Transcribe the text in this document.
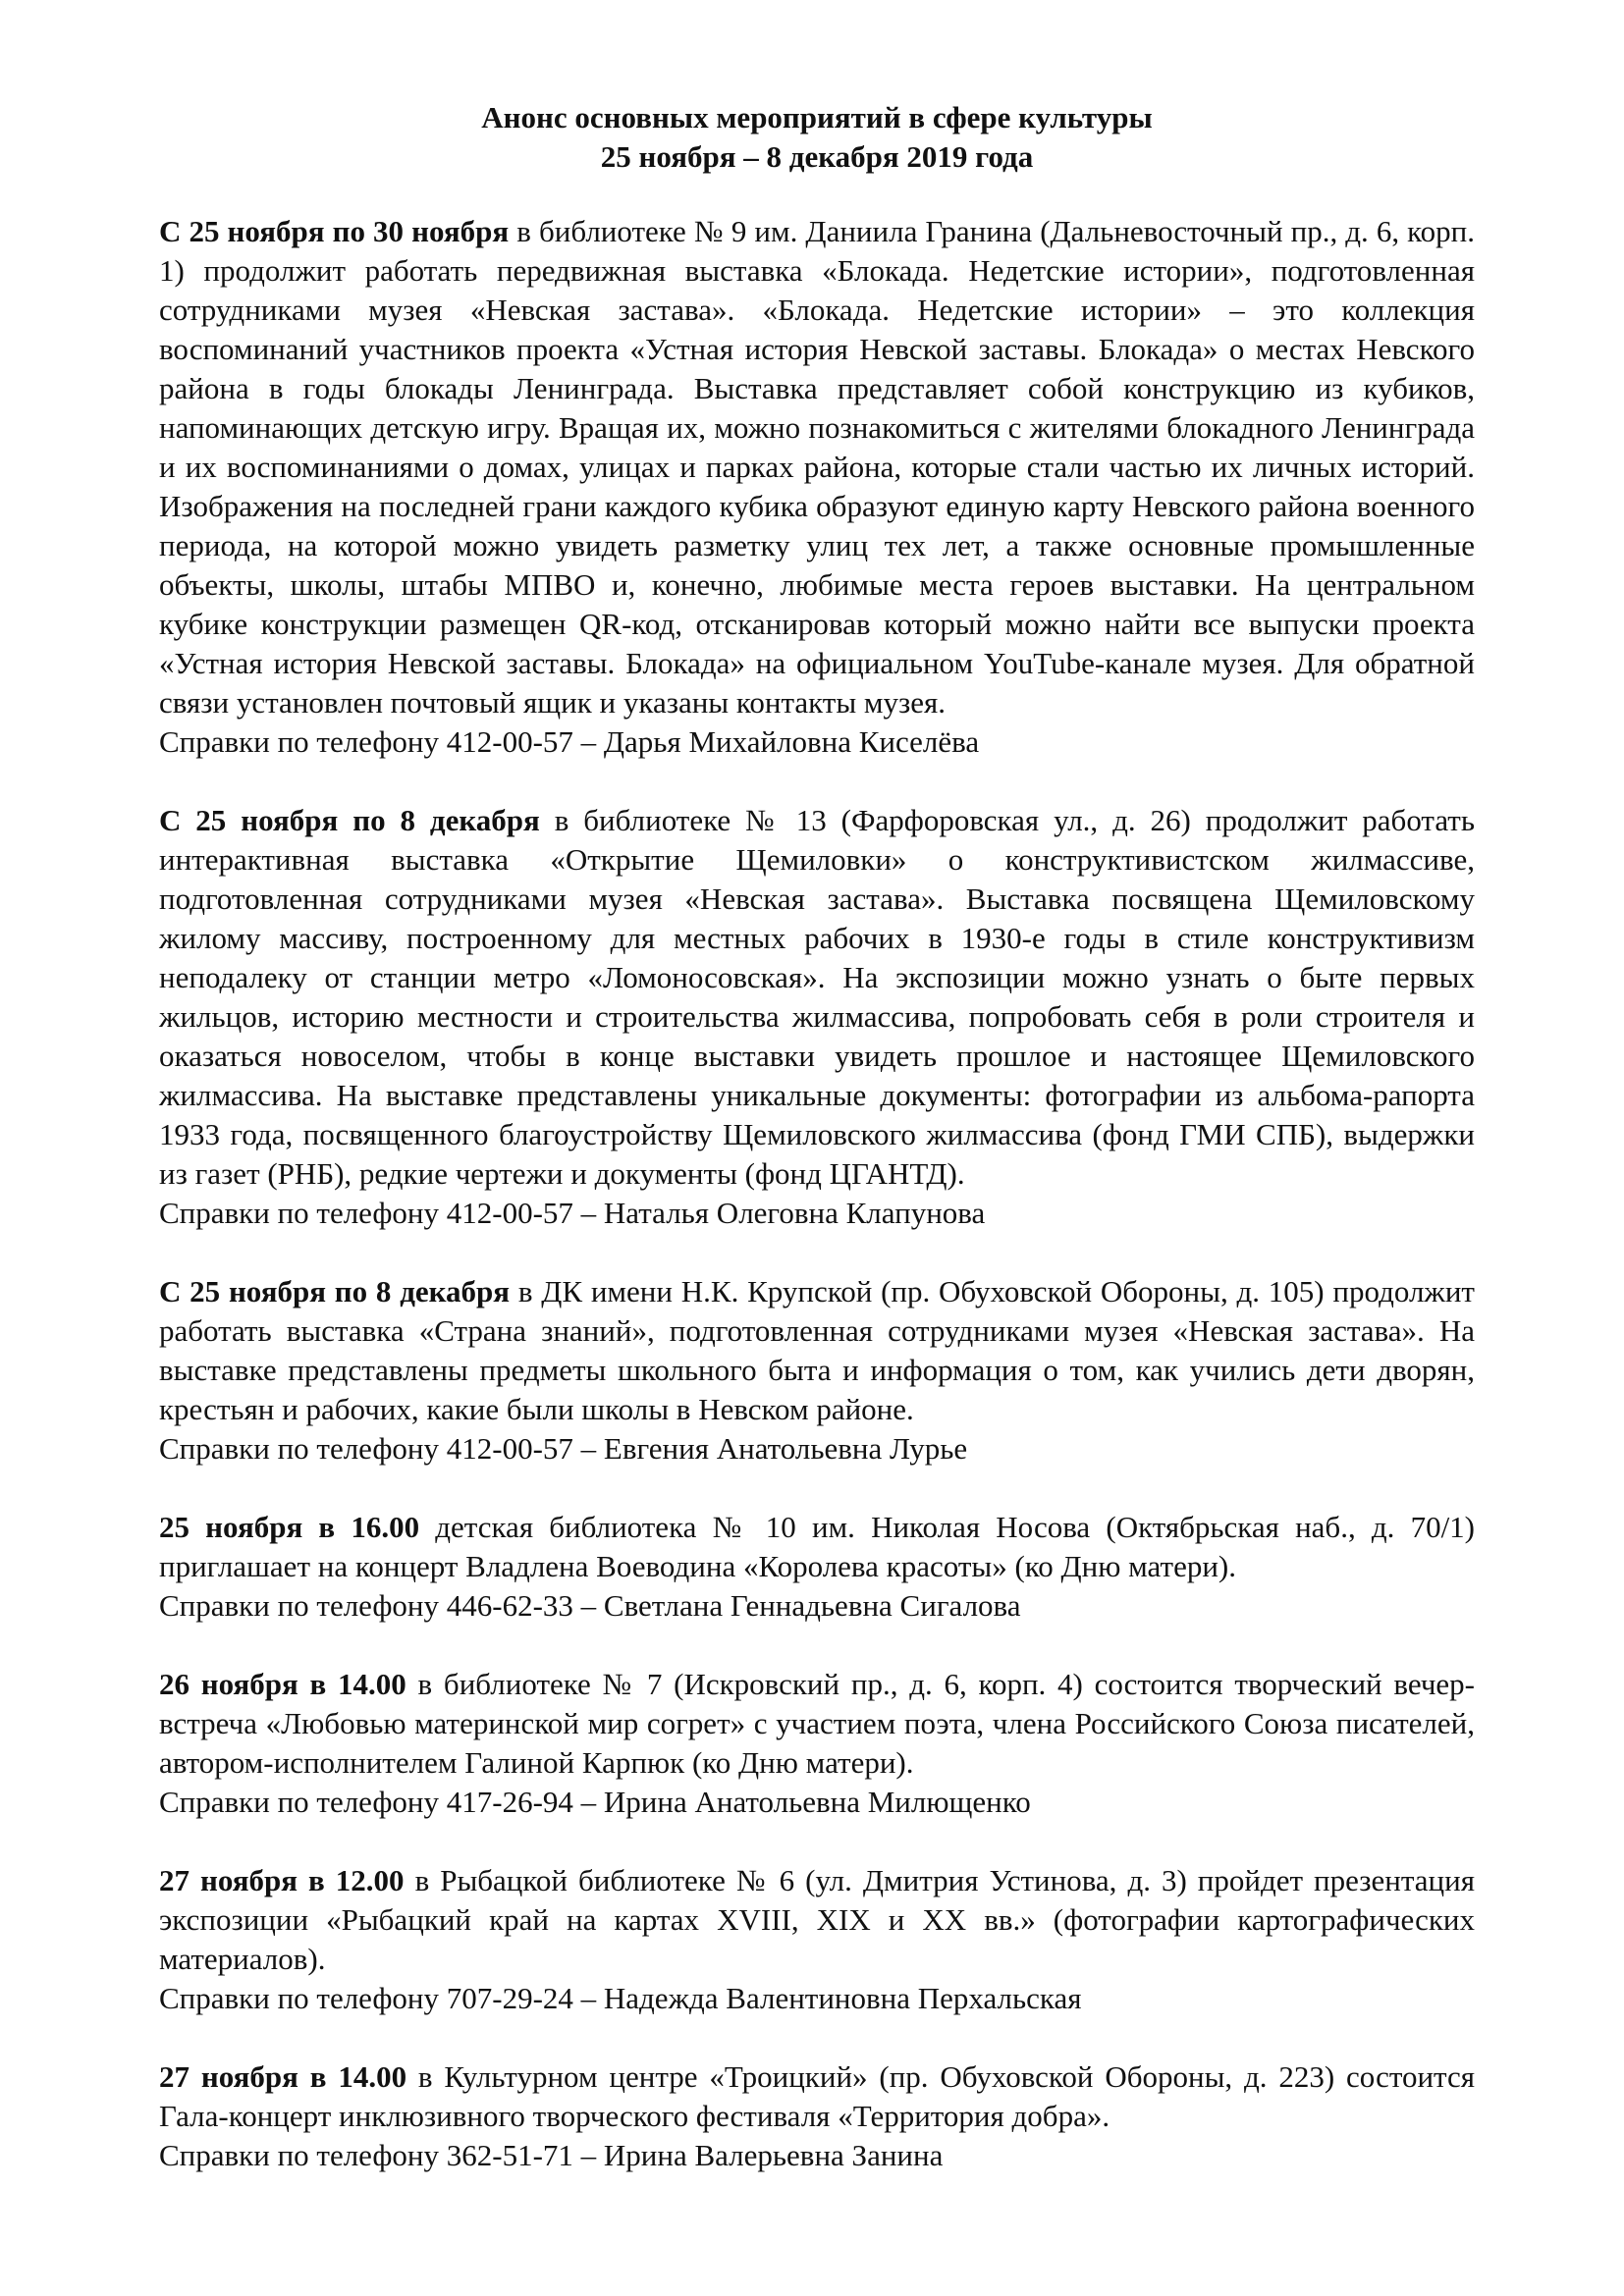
Анонс основных мероприятий в сфере культуры
25 ноября – 8 декабря 2019 года

С 25 ноября по 30 ноября в библиотеке № 9 им. Даниила Гранина (Дальневосточный пр., д. 6, корп. 1) продолжит работать передвижная выставка «Блокада. Недетские истории», подготовленная сотрудниками музея «Невская застава». «Блокада. Недетские истории» – это коллекция воспоминаний участников проекта «Устная история Невской заставы. Блокада» о местах Невского района в годы блокады Ленинграда. Выставка представляет собой конструкцию из кубиков, напоминающих детскую игру. Вращая их, можно познакомиться с жителями блокадного Ленинграда и их воспоминаниями о домах, улицах и парках района, которые стали частью их личных историй. Изображения на последней грани каждого кубика образуют единую карту Невского района военного периода, на которой можно увидеть разметку улиц тех лет, а также основные промышленные объекты, школы, штабы МПВО и, конечно, любимые места героев выставки. На центральном кубике конструкции размещен QR-код, отсканировав который можно найти все выпуски проекта «Устная история Невской заставы. Блокада» на официальном YouTube-канале музея. Для обратной связи установлен почтовый ящик и указаны контакты музея.

Справки по телефону 412-00-57 – Дарья Михайловна Киселёва

С 25 ноября по 8 декабря в библиотеке № 13 (Фарфоровская ул., д. 26) продолжит работать интерактивная выставка «Открытие Щемиловки» о конструктивистском жилмассиве, подготовленная сотрудниками музея «Невская застава». Выставка посвящена Щемиловскому жилому массиву, построенному для местных рабочих в 1930-е годы в стиле конструктивизм неподалеку от станции метро «Ломоносовская». На экспозиции можно узнать о быте первых жильцов, историю местности и строительства жилмассива, попробовать себя в роли строителя и оказаться новоселом, чтобы в конце выставки увидеть прошлое и настоящее Щемиловского жилмассива. На выставке представлены уникальные документы: фотографии из альбома-рапорта 1933 года, посвященного благоустройству Щемиловского жилмассива (фонд ГМИ СПБ), выдержки из газет (РНБ), редкие чертежи и документы (фонд ЦГАНТД).

Справки по телефону 412-00-57 – Наталья Олеговна Клапунова

С 25 ноября по 8 декабря в ДК имени Н.К. Крупской (пр. Обуховской Обороны, д. 105) продолжит работать выставка «Страна знаний», подготовленная сотрудниками музея «Невская застава». На выставке представлены предметы школьного быта и информация о том, как учились дети дворян, крестьян и рабочих, какие были школы в Невском районе.

Справки по телефону 412-00-57 – Евгения Анатольевна Лурье

25 ноября в 16.00 детская библиотека № 10 им. Николая Носова (Октябрьская наб., д. 70/1) приглашает на концерт Владлена Воеводина «Королева красоты» (ко Дню матери).

Справки по телефону 446-62-33 – Светлана Геннадьевна Сигалова

26 ноября в 14.00 в библиотеке № 7 (Искровский пр., д. 6, корп. 4) состоится творческий вечер-встреча «Любовью материнской мир согрет» с участием поэта, члена Российского Союза писателей, автором-исполнителем Галиной Карпюк (ко Дню матери).

Справки по телефону 417-26-94 – Ирина Анатольевна Милющенко

27 ноября в 12.00 в Рыбацкой библиотеке № 6 (ул. Дмитрия Устинова, д. 3) пройдет презентация экспозиции «Рыбацкий край на картах XVIII, XIX и XX вв.» (фотографии картографических материалов).

Справки по телефону 707-29-24 – Надежда Валентиновна Перхальская

27 ноября в 14.00 в Культурном центре «Троицкий» (пр. Обуховской Обороны, д. 223) состоится Гала-концерт инклюзивного творческого фестиваля «Территория добра».

Справки по телефону 362-51-71 – Ирина Валерьевна Занина
